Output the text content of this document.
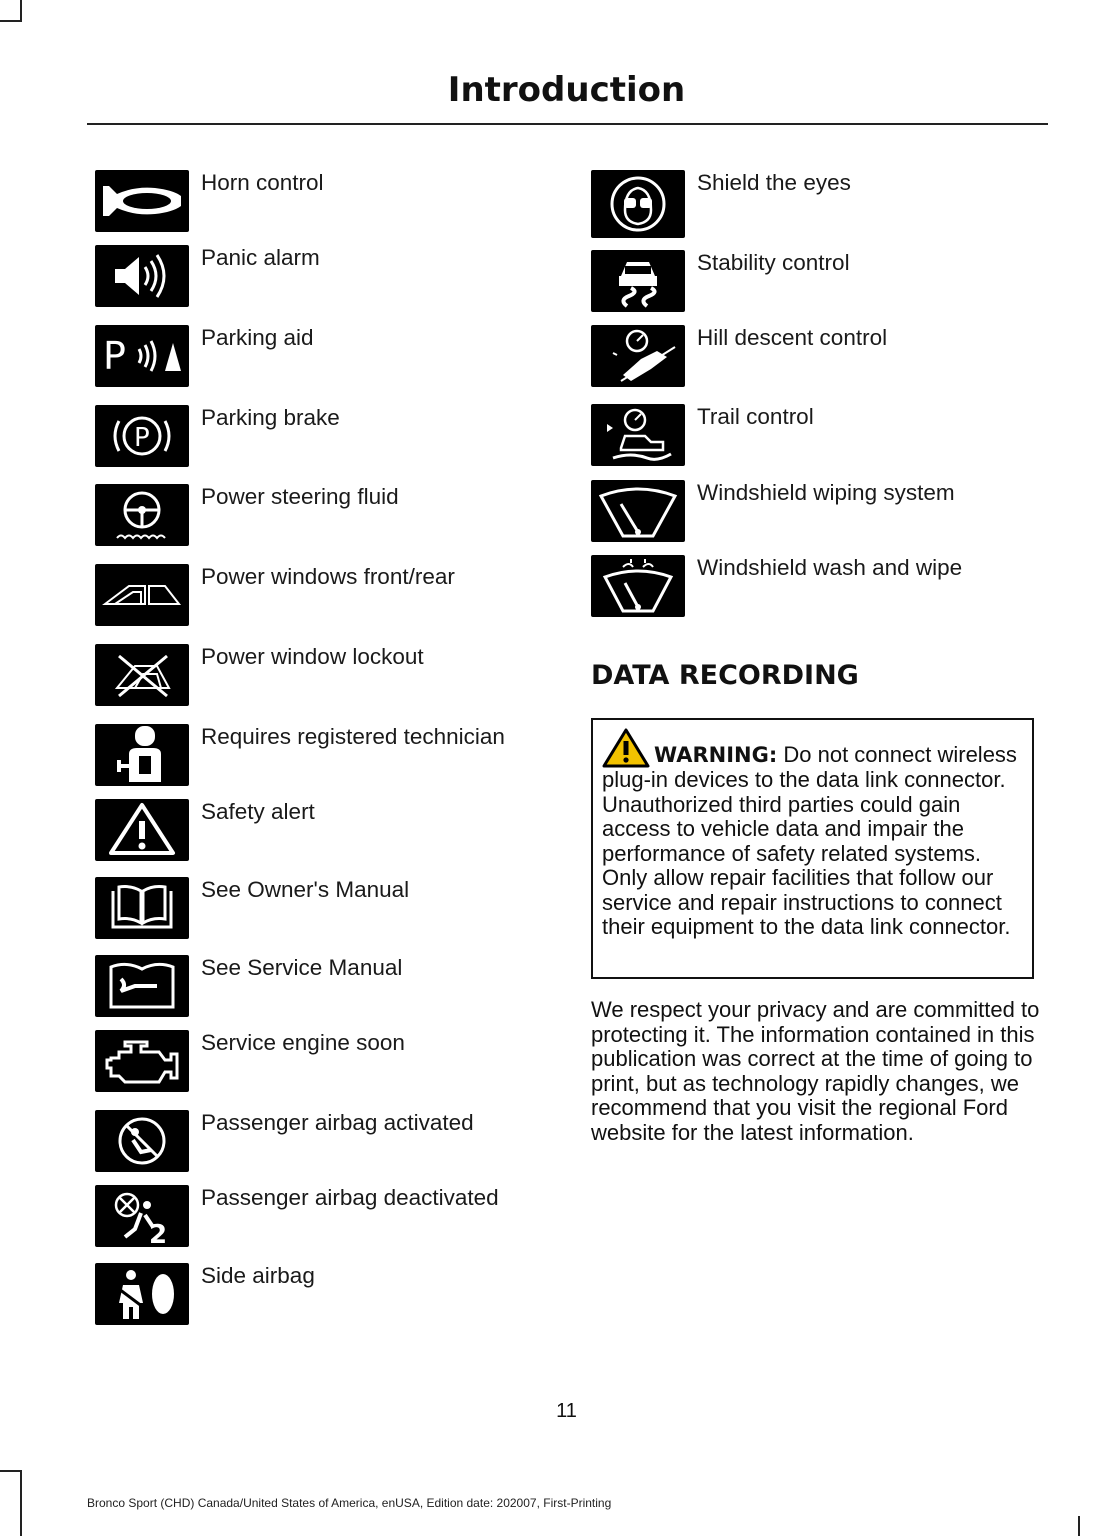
Introduction
Horn control
Panic alarm
P	Parking aid
P
Parking brake
Power steering fluid
Power windows front/rear
Power window lockout
Requires registered technician
Safety alert
See Owner's Manual
See Service Manual
Service engine soon
Passenger airbag activated
2
Passenger airbag deactivated
Side airbag
Shield the eyes
Stability control
Hill descent control
Trail control
Windshield wiping system
Windshield wash and wipe
DATA RECORDING
WARNING: Do not connect wireless plug-in devices to the data link connector. Unauthorized third parties could gain access to vehicle data and impair the performance of safety related systems. Only allow repair facilities that follow our service and repair instructions to connect their equipment to the data link connector.
We respect your privacy and are committed to protecting it. The information contained in this publication was correct at the time of going to print, but as technology rapidly changes, we recommend that you visit the regional Ford website for the latest information.
11
Bronco Sport (CHD) Canada/United States of America, enUSA, Edition date: 202007, First-Printing
